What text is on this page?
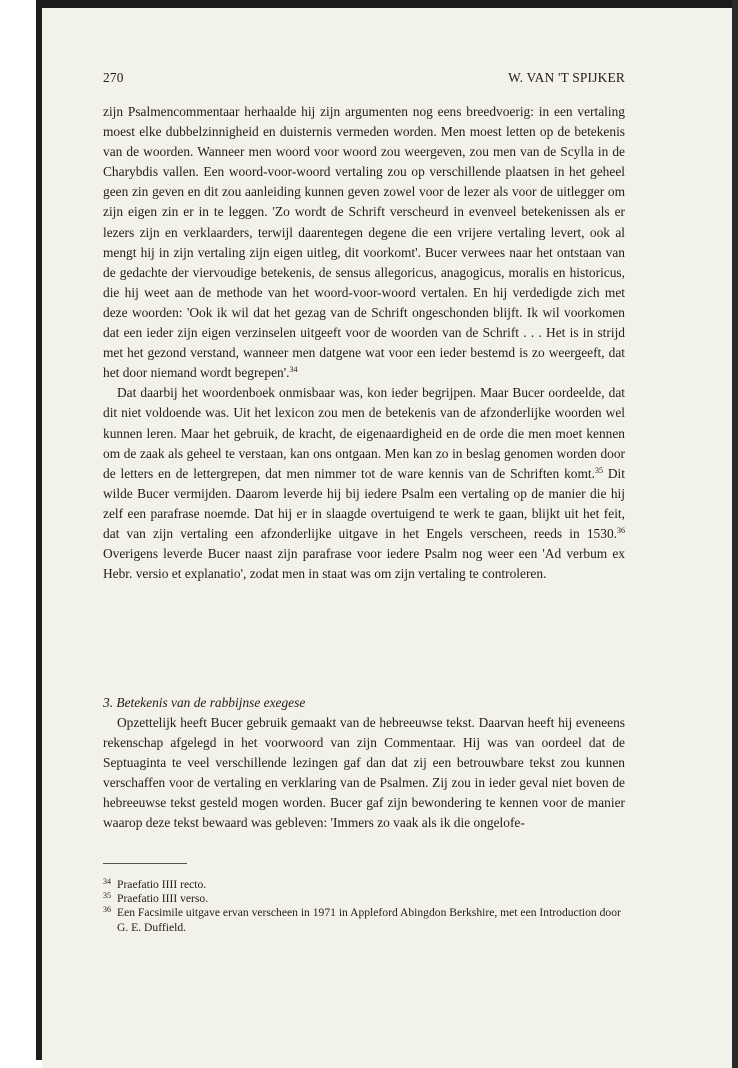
270	W. VAN 'T SPIJKER

zijn Psalmencommentaar herhaalde hij zijn argumenten nog eens breedvoerig: in een vertaling moest elke dubbelzinnigheid en duisternis vermeden worden. Men moest letten op de betekenis van de woorden. Wanneer men woord voor woord zou weergeven, zou men van de Scylla in de Charybdis vallen. Een woord-voor-woord vertaling zou op verschillende plaatsen in het geheel geen zin geven en dit zou aanleiding kunnen geven zowel voor de lezer als voor de uitlegger om zijn eigen zin er in te leggen. 'Zo wordt de Schrift verscheurd in evenveel betekenissen als er lezers zijn en verklaarders, terwijl daarentegen degene die een vrijere vertaling levert, ook al mengt hij in zijn vertaling zijn eigen uitleg, dit voorkomt'. Bucer verwees naar het ontstaan van de gedachte der viervoudige betekenis, de sensus allegoricus, anagogicus, moralis en historicus, die hij weet aan de methode van het woord-voor-woord vertalen. En hij verdedigde zich met deze woorden: 'Ook ik wil dat het gezag van de Schrift ongeschonden blijft. Ik wil voorkomen dat een ieder zijn eigen verzinselen uitgeeft voor de woorden van de Schrift . . . Het is in strijd met het gezond verstand, wanneer men datgene wat voor een ieder bestemd is zo weergeeft, dat het door niemand wordt begrepen'.$^{34}$

Dat daarbij het woordenboek onmisbaar was, kon ieder begrijpen. Maar Bucer oordeelde, dat dit niet voldoende was. Uit het lexicon zou men de betekenis van de afzonderlijke woorden wel kunnen leren. Maar het gebruik, de kracht, de eigenaardigheid en de orde die men moet kennen om de zaak als geheel te verstaan, kan ons ontgaan. Men kan zo in beslag genomen worden door de letters en de lettergrepen, dat men nimmer tot de ware kennis van de Schriften komt.$^{35}$ Dit wilde Bucer vermijden. Daarom leverde hij bij iedere Psalm een vertaling op de manier die hij zelf een parafrase noemde. Dat hij er in slaagde overtuigend te werk te gaan, blijkt uit het feit, dat van zijn vertaling een afzonderlijke uitgave in het Engels verscheen, reeds in 1530.36 Overigens leverde Bucer naast zijn parafrase voor iedere Psalm nog weer een 'Ad verbum ex Hebr. versio et explanatio', zodat men in staat was om zijn vertaling te controleren.

3. Betekenis van de rabbijnse exegese

Opzettelijk heeft Bucer gebruik gemaakt van de hebreeuwse tekst. Daarvan heeft hij eveneens rekenschap afgelegd in het voorwoord van zijn Commentaar. Hij was van oordeel dat de Septuaginta te veel verschillende lezingen gaf dan dat zij een betrouwbare tekst zou kunnen verschaffen voor de vertaling en verklaring van de Psalmen. Zij zou in ieder geval niet boven de hebreeuwse tekst gesteld mogen worden. Bucer gaf zijn bewondering te kennen voor de manier waarop deze tekst bewaard was gebleven: 'Immers zo vaak als ik die ongelofe-

34 Praefatio IIII recto.
35 Praefatio IIII verso.
36 Een Facsimile uitgave ervan verscheen in 1971 in Appleford Abingdon Berkshire, met een Introduction door G. E. Duffield.
